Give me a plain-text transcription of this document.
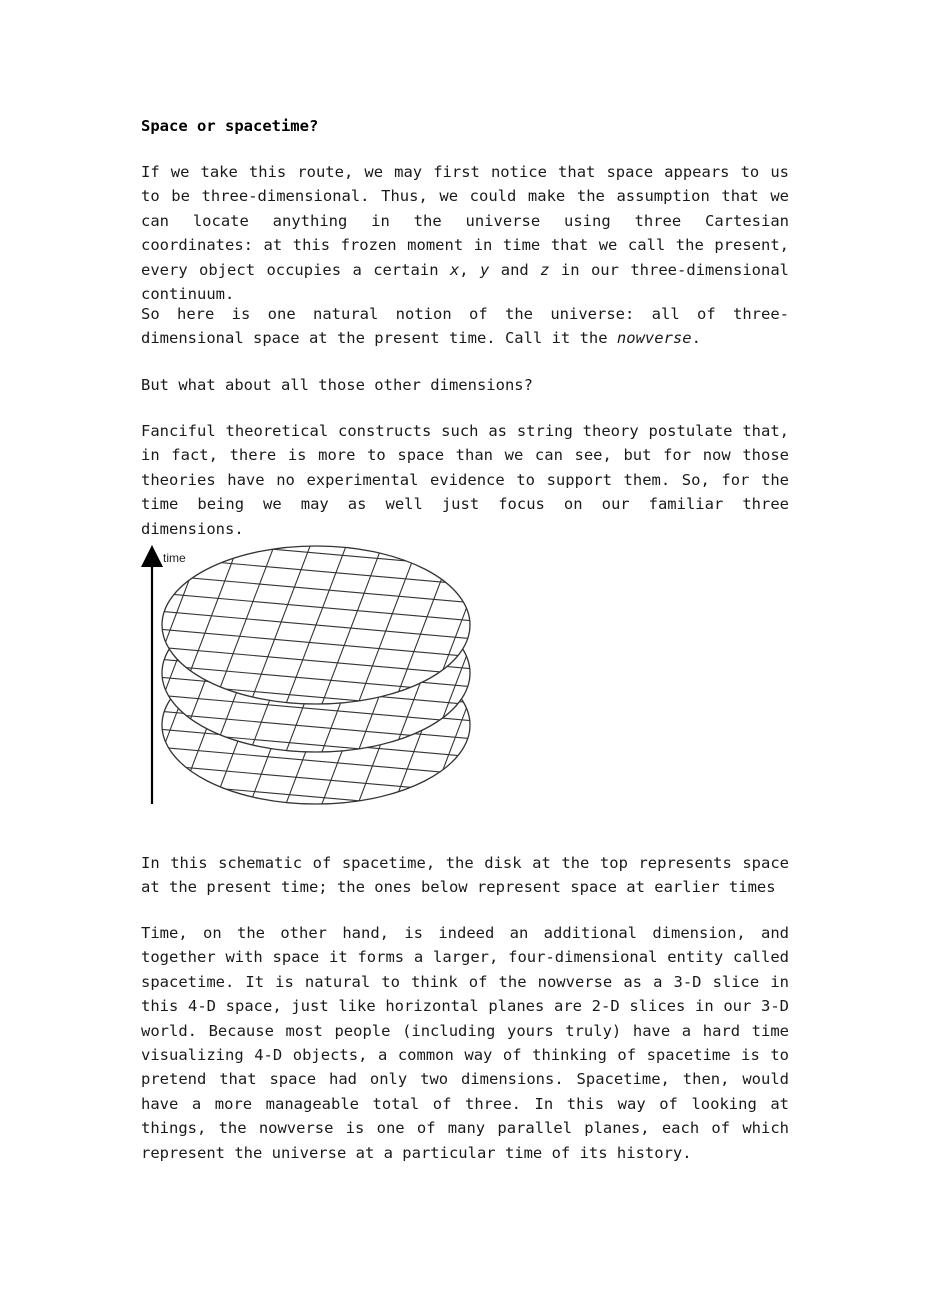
Space or spacetime?

If we take this route, we may first notice that space appears to us to be three-dimensional. Thus, we could make the assumption that we can locate anything in the universe using three Cartesian coordinates: at this frozen moment in time that we call the present, every object occupies a certain x, y and z in our three-dimensional continuum.

So here is one natural notion of the universe: all of three-dimensional space at the present time. Call it the nowverse.

But what about all those other dimensions?

Fanciful theoretical constructs such as string theory postulate that, in fact, there is more to space than we can see, but for now those theories have no experimental evidence to support them. So, for the time being we may as well just focus on our familiar three dimensions.

time

In this schematic of spacetime, the disk at the top represents space at the present time; the ones below represent space at earlier times

Time, on the other hand, is indeed an additional dimension, and together with space it forms a larger, four-dimensional entity called spacetime. It is natural to think of the nowverse as a 3-D slice in this 4-D space, just like horizontal planes are 2-D slices in our 3-D world. Because most people (including yours truly) have a hard time visualizing 4-D objects, a common way of thinking of spacetime is to pretend that space had only two dimensions. Spacetime, then, would have a more manageable total of three. In this way of looking at things, the nowverse is one of many parallel planes, each of which represent the universe at a particular time of its history.
